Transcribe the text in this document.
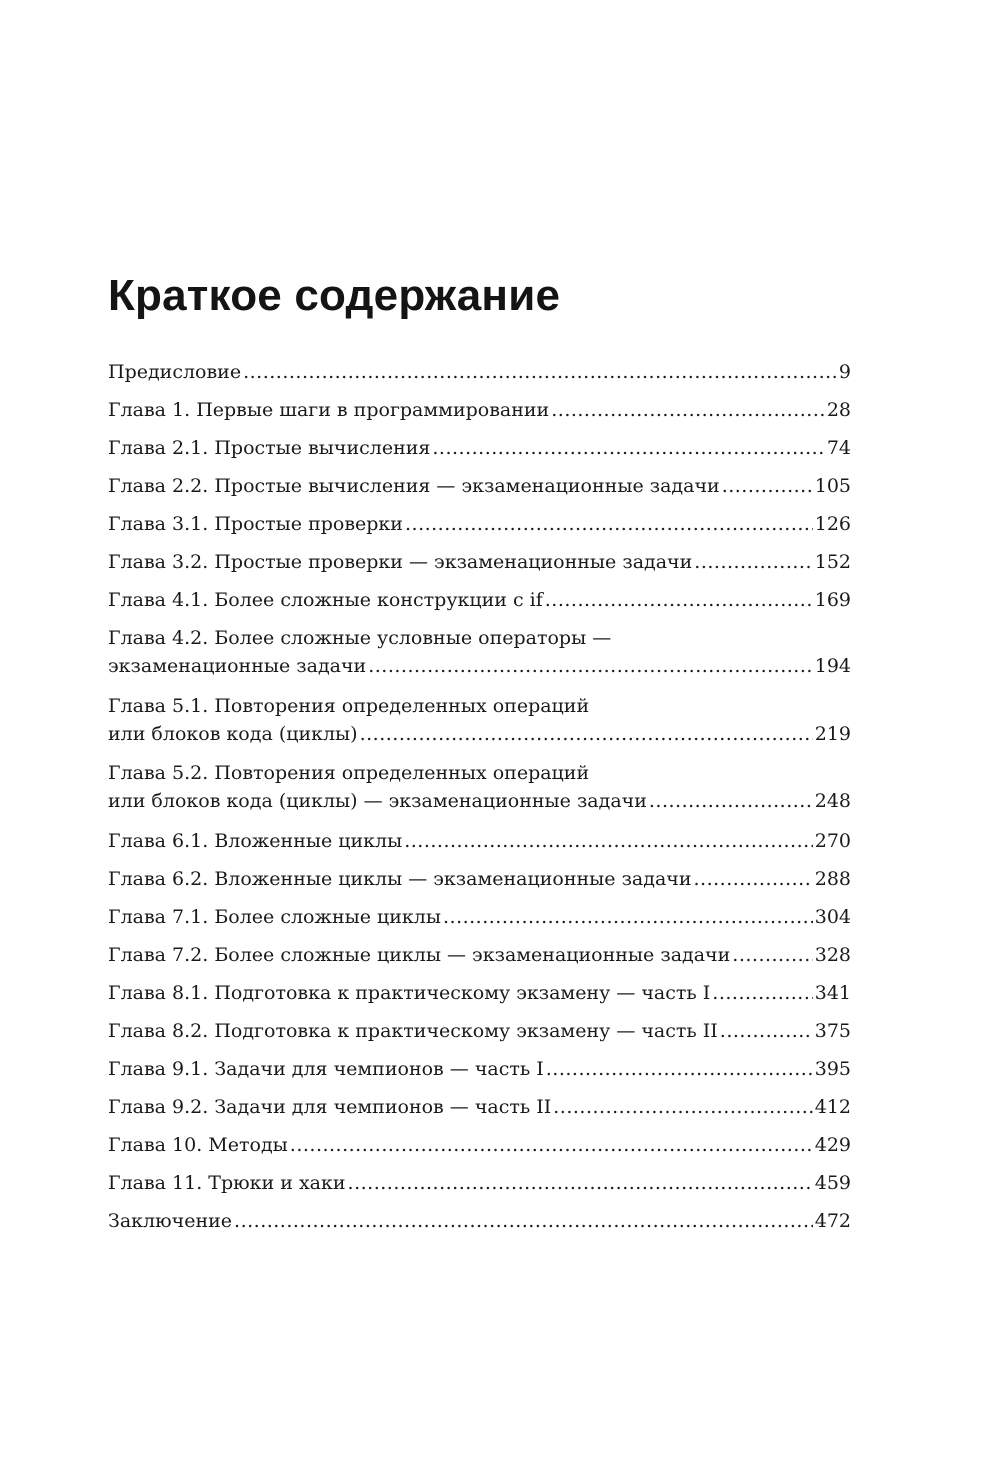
Краткое содержание
Предисловие .....	9
Глава 1. Первые шаги в программировании .....	28
Глава 2.1. Простые вычисления .....	74
Глава 2.2. Простые вычисления — экзаменационные задачи .....	105
Глава 3.1. Простые проверки .....	126
Глава 3.2. Простые проверки — экзаменационные задачи .....	152
Глава 4.1. Более сложные конструкции с if .....	169
Глава 4.2. Более сложные условные операторы —
экзаменационные задачи .....	194
Глава 5.1. Повторения определенных операций
или блоков кода (циклы) .....	219
Глава 5.2. Повторения определенных операций
или блоков кода (циклы) — экзаменационные задачи .....	248
Глава 6.1. Вложенные циклы .....	270
Глава 6.2. Вложенные циклы — экзаменационные задачи .....	288
Глава 7.1. Более сложные циклы .....	304
Глава 7.2. Более сложные циклы — экзаменационные задачи .....	328
Глава 8.1. Подготовка к практическому экзамену — часть I .....	341
Глава 8.2. Подготовка к практическому экзамену — часть II .....	375
Глава 9.1. Задачи для чемпионов — часть I .....	395
Глава 9.2. Задачи для чемпионов — часть II .....	412
Глава 10. Методы .....	429
Глава 11. Трюки и хаки .....	459
Заключение .....	472
